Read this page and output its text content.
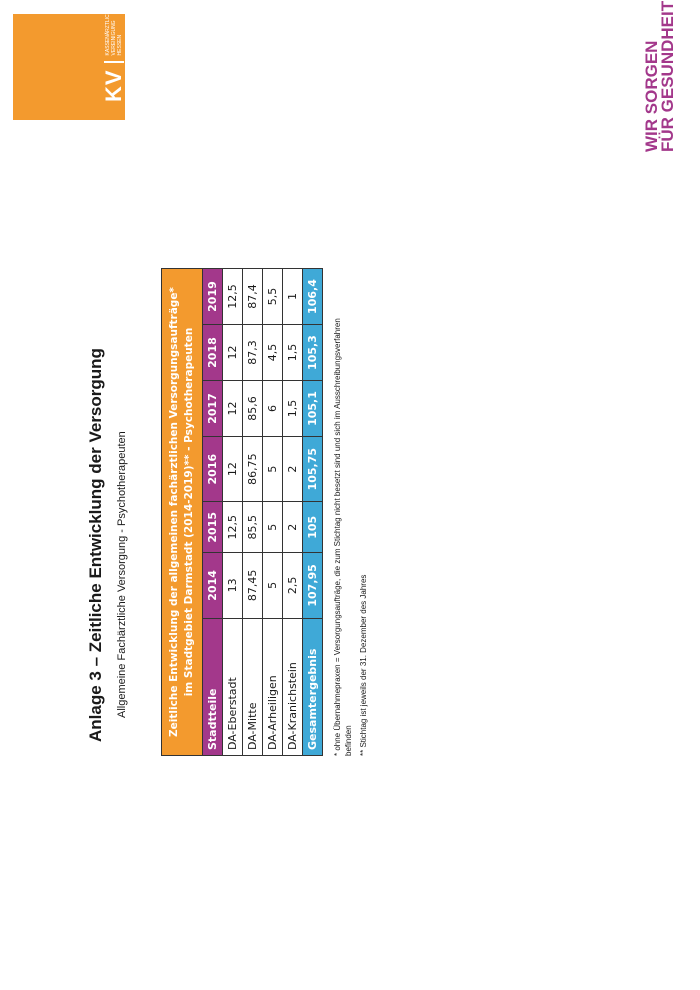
KV
KASSENÄRZTLICHE
VEREINIGUNG
HESSEN	WIR SORGEN
FÜR GESUNDHEIT
Anlage 3 – Zeitliche Entwicklung der Versorgung Allgemeine Fachärztliche Versorgung - Psychotherapeuten	Zeitliche Entwicklung der allgemeinen fachärztlichen Versorgungsaufträge* im Stadtgebiet Darmstadt (2014-2019)** - Psychotherapeuten						
Stadtteile	2014	2015	2016	2017	2018	2019
DA-Eberstadt	13	12,5	12	12	12	12,5
DA-Mitte	87,45	85,5	86,75	85,6	87,3	87,4
DA-Arheiligen	5	5	5	6	4,5	5,5
DA-Kranichstein	2,5	2	2	1,5	1,5	1
Gesamtergebnis	107,95	105	105,75	105,1	105,3	106,4
* ohne Übernahmepraxen = Versorgungsaufträge, die zum Stichtag nicht besetzt sind und sich im Ausschreibungsverfahren befinden ** Stichtag ist jeweils der 31. Dezember des Jahres
